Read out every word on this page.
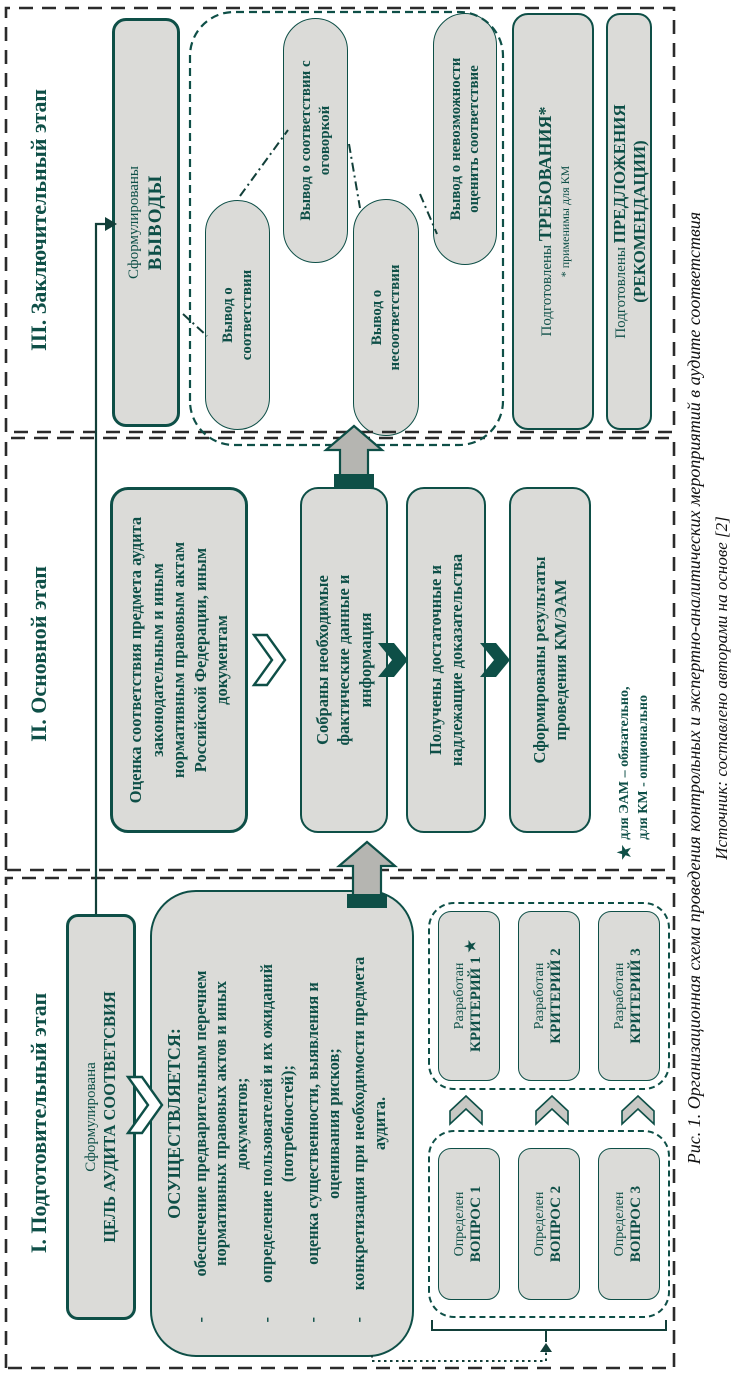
I. Подготовительный этап
II. Основной этап
III. Заключительный этап
Сформулирована ЦЕЛЬ АУДИТА СООТВЕТСВИЯ	ОСУЩЕСТВЛЯЕТСЯ:
-
обеспечение предварительным перечнем нормативных правовых актов и иных документов;
-
определение пользователей и их ожиданий (потребностей);
-
оценка существенности, выявления и оценивания рисков;
-
конкретизация при необходимости предмета аудита.
Определен ВОПРОС 1	Определен ВОПРОС 2	Определен ВОПРОС 3
Разработан КРИТЕРИЙ 1★
Разработан КРИТЕРИЙ 2	Разработан КРИТЕРИЙ 3
Оценка соответствия предмета аудита законодательным и иным нормативным правовым актам Российской Федерации, иным документам	Собраны необходимые фактические данные и информация	Получены достаточные и надлежащие доказательства	Сформированы результаты проведения КМ/ЭАМ
★
для ЭАМ – обязательно, для КМ - опционально
Сформулированы ВЫВОДЫ
Вывод о соответствии
Вывод о соответствии с оговоркой
Вывод о несоответствии
Вывод о невозможности оценить соответствие
Подготовлены ТРЕБОВАНИЯ* * применимы для КМ
Подготовлены ПРЕДЛОЖЕНИЯ (РЕКОМЕНДАЦИИ) Рис. 1. Организационная схема проведения контрольных и экспертно-аналитических мероприятий в аудите соответствия Источник: составлено авторами на основе [2]
